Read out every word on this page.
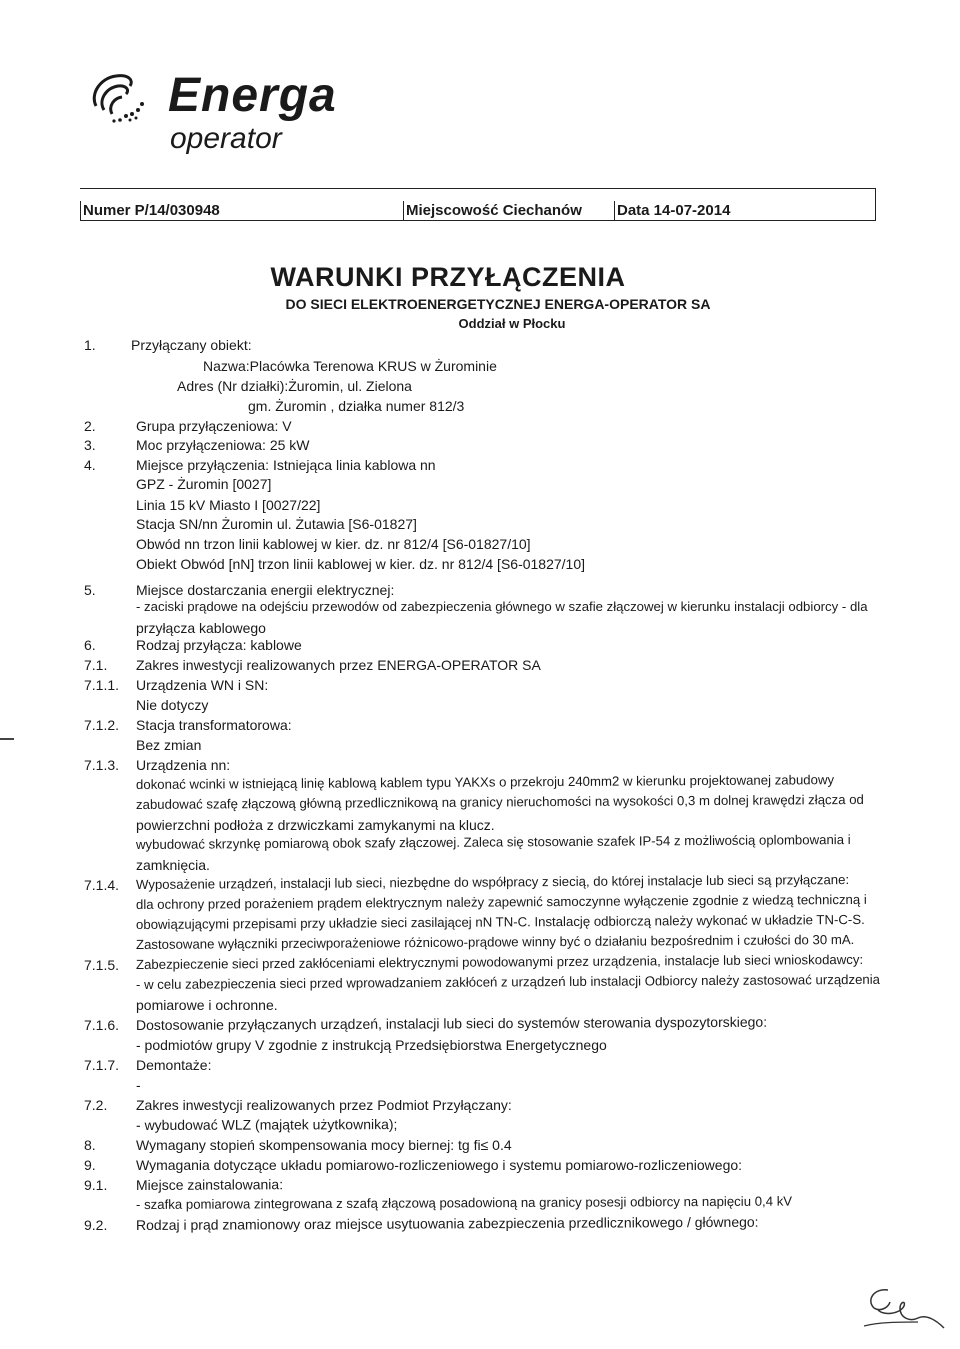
Energa
operator
Numer P/14/030948	Miejscowość Ciechanów	Data 14-07-2014
WARUNKI PRZYŁĄCZENIA
DO SIECI ELEKTROENERGETYCZNEJ ENERGA-OPERATOR SA
Oddział w Płocku
1.	Przyłączany obiekt:
Nazwa:Placówka Terenowa KRUS w Żurominie
Adres (Nr działki):Żuromin, ul. Zielona
gm. Żuromin , działka numer 812/3
2.	Grupa przyłączeniowa: V
3.	Moc przyłączeniowa: 25 kW
4.	Miejsce przyłączenia: Istniejąca linia kablowa nn
GPZ - Żuromin [0027]
Linia 15 kV Miasto I [0027/22]
Stacja SN/nn Żuromin ul. Żutawia [S6-01827]
Obwód nn trzon linii kablowej w kier. dz. nr 812/4 [S6-01827/10]
Obiekt Obwód [nN] trzon linii kablowej w kier. dz. nr 812/4 [S6-01827/10]
5.	Miejsce dostarczania energii elektrycznej:
- zaciski prądowe na odejściu przewodów od zabezpieczenia głównego w szafie złączowej w kierunku instalacji odbiorcy - dla
przyłącza kablowego
6.	Rodzaj przyłącza: kablowe
7.1. Zakres inwestycji realizowanych przez ENERGA-OPERATOR SA
7.1.1. Urządzenia WN i SN:
Nie dotyczy
7.1.2. Stacja transformatorowa:
Bez zmian
7.1.3. Urządzenia nn:
dokonać wcinki w istniejącą linię kablową kablem typu YAKXs o przekroju 240mm2 w kierunku projektowanej zabudowy
zabudować szafę złączową główną przedlicznikową na granicy nieruchomości na wysokości 0,3 m dolnej krawędzi złącza od
powierzchni podłoża z drzwiczkami zamykanymi na klucz.
wybudować skrzynkę pomiarową obok szafy złączowej. Zaleca się stosowanie szafek IP-54 z możliwością oplombowania i
zamknięcia.
7.1.4. Wyposażenie urządzeń, instalacji lub sieci, niezbędne do współpracy z siecią, do której instalacje lub sieci są przyłączane:
dla ochrony przed porażeniem prądem elektrycznym należy zapewnić samoczynne wyłączenie zgodnie z wiedzą techniczną i
obowiązującymi przepisami przy układzie sieci zasilającej nN TN-C. Instalację odbiorczą należy wykonać w układzie TN-C-S.
Zastosowane wyłączniki przeciwporażeniowe różnicowo-prądowe winny być o działaniu bezpośrednim i czułości do 30 mA.
7.1.5. Zabezpieczenie sieci przed zakłóceniami elektrycznymi powodowanymi przez urządzenia, instalacje lub sieci wnioskodawcy:
- w celu zabezpieczenia sieci przed wprowadzaniem zakłóceń z urządzeń lub instalacji Odbiorcy należy zastosować urządzenia
pomiarowe i ochronne.
7.1.6. Dostosowanie przyłączanych urządzeń, instalacji lub sieci do systemów sterowania dyspozytorskiego:
- podmiotów grupy V zgodnie z instrukcją Przedsiębiorstwa Energetycznego
7.1.7. Demontaże:
-
7.2. Zakres inwestycji realizowanych przez Podmiot Przyłączany:
- wybudować WLZ (majątek użytkownika);
8.	Wymagany stopień skompensowania mocy biernej: tg fi≤ 0.4
9.	Wymagania dotyczące układu pomiarowo-rozliczeniowego i systemu pomiarowo-rozliczeniowego:
9.1. Miejsce zainstalowania:
- szafka pomiarowa zintegrowana z szafą złączową posadowioną na granicy posesji odbiorcy na napięciu 0,4 kV
9.2. Rodzaj i prąd znamionowy oraz miejsce usytuowania zabezpieczenia przedlicznikowego / głównego:
